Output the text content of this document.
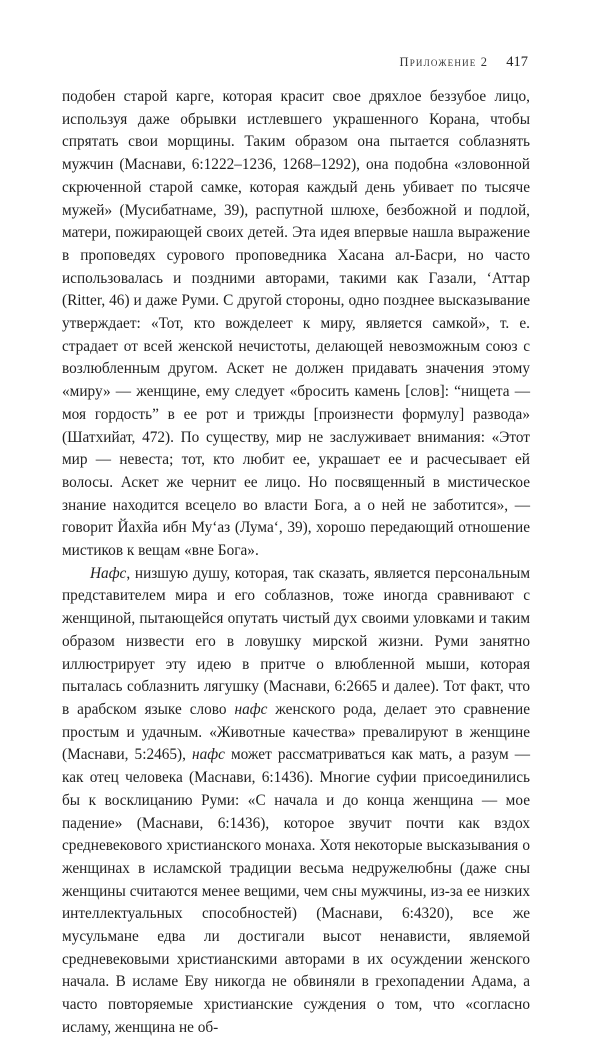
Приложение 2 417

подобен старой карге, которая красит свое дряхлое беззубое лицо, используя даже обрывки истлевшего украшенного Корана, чтобы спрятать свои морщины. Таким образом она пытается соблазнять мужчин (Маснави, 6:1222–1236, 1268–1292), она подобна «зловонной скрюченной старой самке, которая каждый день убивает по тысяче мужей» (Мусибатнаме, 39), распутной шлюхе, безбожной и подлой, матери, пожирающей своих детей. Эта идея впервые нашла выражение в проповедях сурового проповедника Хасана ал-Басри, но часто использовалась и поздними авторами, такими как Газали, ‘Аттар (Ritter, 46) и даже Руми. С другой стороны, одно позднее высказывание утверждает: «Тот, кто вожделеет к миру, является самкой», т. е. страдает от всей женской нечистоты, делающей невозможным союз с возлюбленным другом. Аскет не должен придавать значения этому «миру» — женщине, ему следует «бросить камень [слов]: “нищета — моя гордость” в ее рот и трижды [произнести формулу] развода» (Шатхийат, 472). По существу, мир не заслуживает внимания: «Этот мир — невеста; тот, кто любит ее, украшает ее и расчесывает ей волосы. Аскет же чернит ее лицо. Но посвященный в мистическое знание находится всецело во власти Бога, а о ней не заботится», — говорит Йахйа ибн Му‘аз (Лума‘, 39), хорошо передающий отношение мистиков к вещам «вне Бога».

Нафс, низшую душу, которая, так сказать, является персональным представителем мира и его соблазнов, тоже иногда сравнивают с женщиной, пытающейся опутать чистый дух своими уловками и таким образом низвести его в ловушку мирской жизни. Руми занятно иллюстрирует эту идею в притче о влюбленной мыши, которая пыталась соблазнить лягушку (Маснави, 6:2665 и далее). Тот факт, что в арабском языке слово нафс женского рода, делает это сравнение простым и удачным. «Животные качества» превалируют в женщине (Маснави, 5:2465), нафс может рассматриваться как мать, а разум — как отец человека (Маснави, 6:1436). Многие суфии присоединились бы к восклицанию Руми: «С начала и до конца женщина — мое падение» (Маснави, 6:1436), которое звучит почти как вздох средневекового христианского монаха. Хотя некоторые высказывания о женщинах в исламской традиции весьма недружелюбны (даже сны женщины считаются менее вещими, чем сны мужчины, из-за ее низких интеллектуальных способностей) (Маснави, 6:4320), все же мусульмане едва ли достигали высот ненависти, являемой средневековыми христианскими авторами в их осуждении женского начала. В исламе Еву никогда не обвиняли в грехопадении Адама, а часто повторяемые христианские суждения о том, что «согласно исламу, женщина не об-
